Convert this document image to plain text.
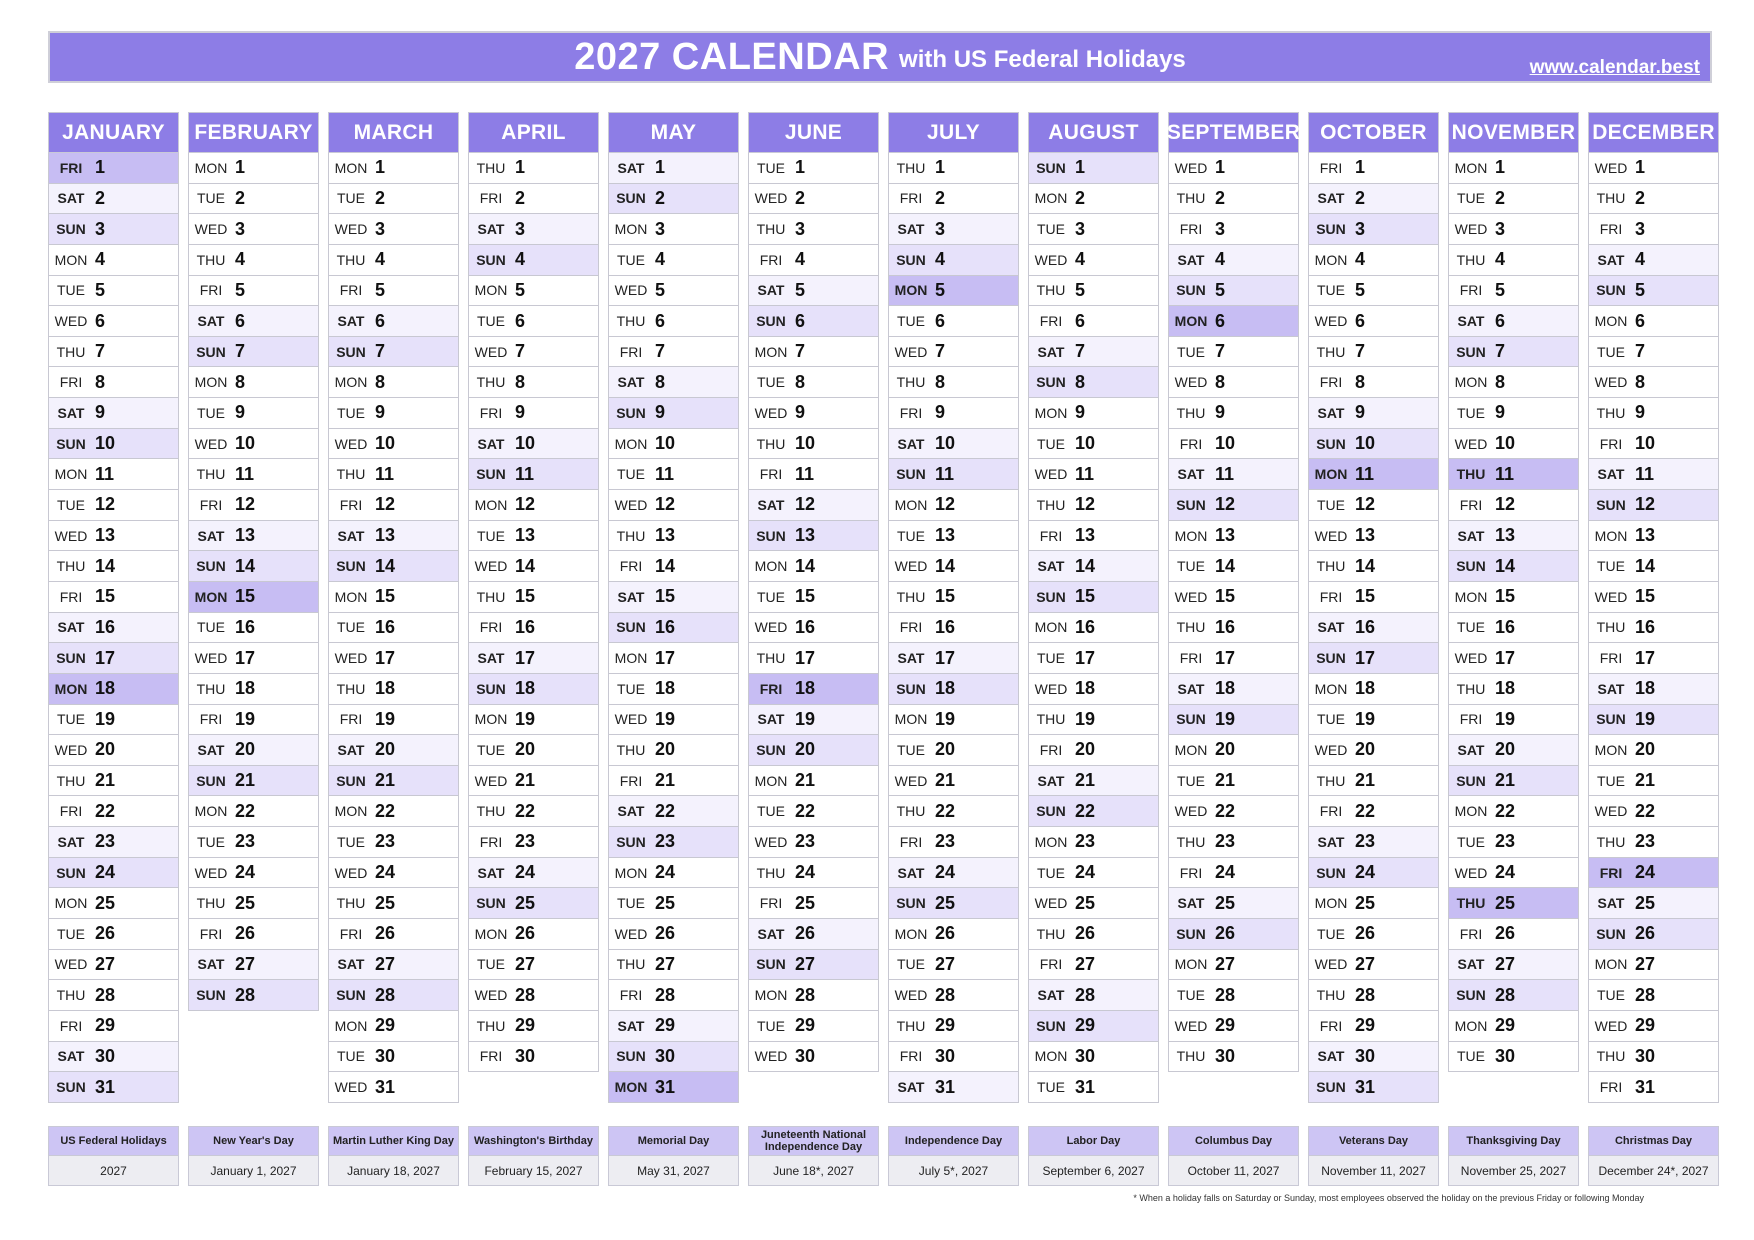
2027 CALENDAR with US Federal Holidays	www.calendar.best
JANUARY
FRI 1
SAT 2
SUN 3
MON 4
TUE 5
WED 6
THU 7
FRI 8
SAT 9
SUN 10
MON 11
TUE 12
WED 13
THU 14
FRI 15
SAT 16
SUN 17
MON 18
TUE 19
WED 20
THU 21
FRI 22
SAT 23
SUN 24
MON 25
TUE 26
WED 27
THU 28
FRI 29
SAT 30
SUN 31
FEBRUARY
MON 1
TUE 2
WED 3
THU 4
FRI 5
SAT 6
SUN 7
MON 8
TUE 9
WED 10
THU 11
FRI 12
SAT 13
SUN 14
MON 15
TUE 16
WED 17
THU 18
FRI 19
SAT 20
SUN 21
MON 22
TUE 23
WED 24
THU 25
FRI 26
SAT 27
SUN 28
MARCH
MON 1
TUE 2
WED 3
THU 4
FRI 5
SAT 6
SUN 7
MON 8
TUE 9
WED 10
THU 11
FRI 12
SAT 13
SUN 14
MON 15
TUE 16
WED 17
THU 18
FRI 19
SAT 20
SUN 21
MON 22
TUE 23
WED 24
THU 25
FRI 26
SAT 27
SUN 28
MON 29
TUE 30
WED 31
APRIL
THU 1
FRI 2
SAT 3
SUN 4
MON 5
TUE 6
WED 7
THU 8
FRI 9
SAT 10
SUN 11
MON 12
TUE 13
WED 14
THU 15
FRI 16
SAT 17
SUN 18
MON 19
TUE 20
WED 21
THU 22
FRI 23
SAT 24
SUN 25
MON 26
TUE 27
WED 28
THU 29
FRI 30
MAY
SAT 1
SUN 2
MON 3
TUE 4
WED 5
THU 6
FRI 7
SAT 8
SUN 9
MON 10
TUE 11
WED 12
THU 13
FRI 14
SAT 15
SUN 16
MON 17
TUE 18
WED 19
THU 20
FRI 21
SAT 22
SUN 23
MON 24
TUE 25
WED 26
THU 27
FRI 28
SAT 29
SUN 30
MON 31
JUNE
TUE 1
WED 2
THU 3
FRI 4
SAT 5
SUN 6
MON 7
TUE 8
WED 9
THU 10
FRI 11
SAT 12
SUN 13
MON 14
TUE 15
WED 16
THU 17
FRI 18
SAT 19
SUN 20
MON 21
TUE 22
WED 23
THU 24
FRI 25
SAT 26
SUN 27
MON 28
TUE 29
WED 30
JULY
THU 1
FRI 2
SAT 3
SUN 4
MON 5
TUE 6
WED 7
THU 8
FRI 9
SAT 10
SUN 11
MON 12
TUE 13
WED 14
THU 15
FRI 16
SAT 17
SUN 18
MON 19
TUE 20
WED 21
THU 22
FRI 23
SAT 24
SUN 25
MON 26
TUE 27
WED 28
THU 29
FRI 30
SAT 31
AUGUST
SUN 1
MON 2
TUE 3
WED 4
THU 5
FRI 6
SAT 7
SUN 8
MON 9
TUE 10
WED 11
THU 12
FRI 13
SAT 14
SUN 15
MON 16
TUE 17
WED 18
THU 19
FRI 20
SAT 21
SUN 22
MON 23
TUE 24
WED 25
THU 26
FRI 27
SAT 28
SUN 29
MON 30
TUE 31
SEPTEMBER
WED 1
THU 2
FRI 3
SAT 4
SUN 5
MON 6
TUE 7
WED 8
THU 9
FRI 10
SAT 11
SUN 12
MON 13
TUE 14
WED 15
THU 16
FRI 17
SAT 18
SUN 19
MON 20
TUE 21
WED 22
THU 23
FRI 24
SAT 25
SUN 26
MON 27
TUE 28
WED 29
THU 30
OCTOBER
FRI 1
SAT 2
SUN 3
MON 4
TUE 5
WED 6
THU 7
FRI 8
SAT 9
SUN 10
MON 11
TUE 12
WED 13
THU 14
FRI 15
SAT 16
SUN 17
MON 18
TUE 19
WED 20
THU 21
FRI 22
SAT 23
SUN 24
MON 25
TUE 26
WED 27
THU 28
FRI 29
SAT 30
SUN 31
NOVEMBER
MON 1
TUE 2
WED 3
THU 4
FRI 5
SAT 6
SUN 7
MON 8
TUE 9
WED 10
THU 11
FRI 12
SAT 13
SUN 14
MON 15
TUE 16
WED 17
THU 18
FRI 19
SAT 20
SUN 21
MON 22
TUE 23
WED 24
THU 25
FRI 26
SAT 27
SUN 28
MON 29
TUE 30
DECEMBER
WED 1
THU 2
FRI 3
SAT 4
SUN 5
MON 6
TUE 7
WED 8
THU 9
FRI 10
SAT 11
SUN 12
MON 13
TUE 14
WED 15
THU 16
FRI 17
SAT 18
SUN 19
MON 20
TUE 21
WED 22
THU 23
FRI 24
SAT 25
SUN 26
MON 27
TUE 28
WED 29
THU 30
FRI 31
US Federal Holidays
2027
New Year's Day
January 1, 2027
Martin Luther King Day
January 18, 2027
Washington's Birthday
February 15, 2027
Memorial Day
May 31, 2027
Juneteenth National Independence Day
June 18*, 2027
Independence Day
July 5*, 2027
Labor Day
September 6, 2027
Columbus Day
October 11, 2027
Veterans Day
November 11, 2027
Thanksgiving Day
November 25, 2027
Christmas Day
December 24*, 2027
* When a holiday falls on Saturday or Sunday, most employees observed the holiday on the previous Friday or following Monday
